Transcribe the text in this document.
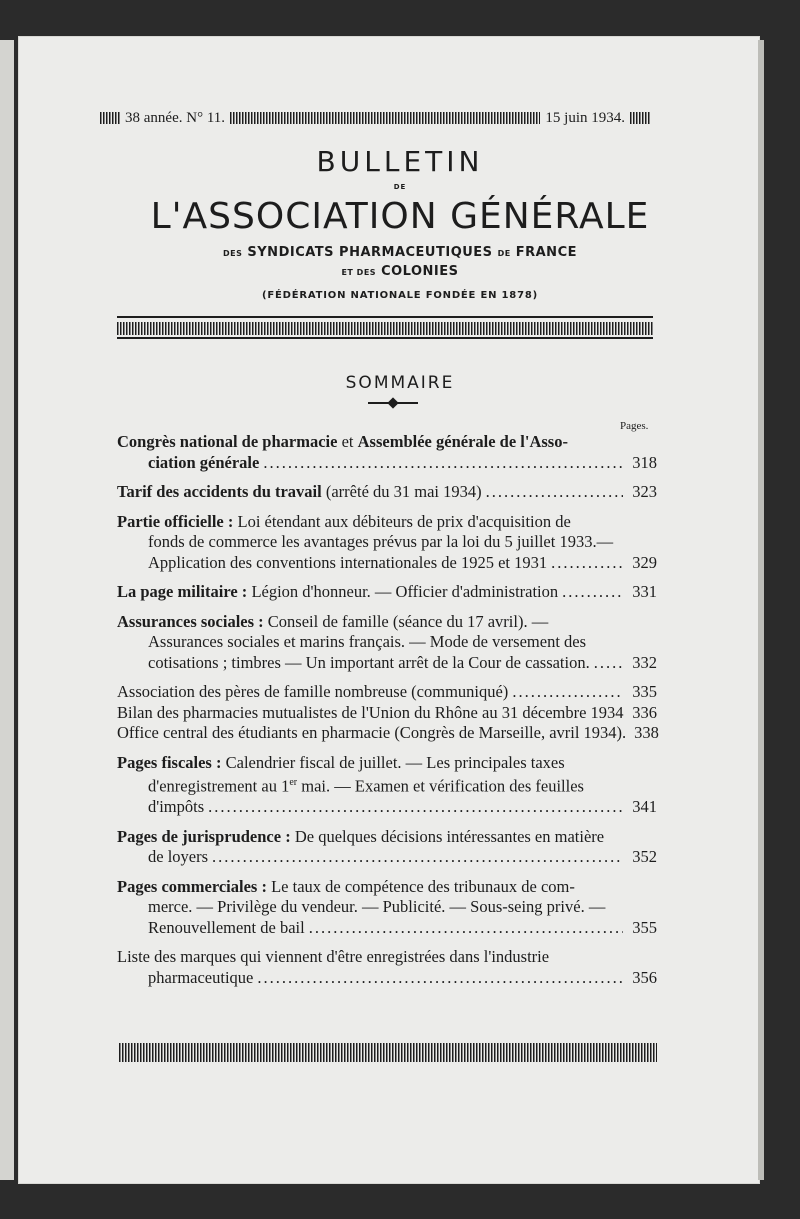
38 année. N° 11.	15 juin 1934.
BULLETIN
DE
L'ASSOCIATION GÉNÉRALE
DES SYNDICATS PHARMACEUTIQUES DE FRANCE
ET DES COLONIES
(FÉDÉRATION NATIONALE FONDÉE EN 1878)
SOMMAIRE
Pages.
Congrès national de pharmacie et Assemblée générale de l'Asso-
ciation générale .....	318
Tarif des accidents du travail (arrêté du 31 mai 1934) .....	323
Partie officielle : Loi étendant aux débiteurs de prix d'acquisition de
fonds de commerce les avantages prévus par la loi du 5 juillet 1933.—
Application des conventions internationales de 1925 et 1931 .....	329
La page militaire : Légion d'honneur. — Officier d'administration .....	331
Assurances sociales : Conseil de famille (séance du 17 avril). —
Assurances sociales et marins français. — Mode de versement des
cotisations ; timbres — Un important arrêt de la Cour de cassation. .....	332
Association des pères de famille nombreuse (communiqué) .....	335
Bilan des pharmacies mutualistes de l'Union du Rhône au 31 décembre 1934 336
Office central des étudiants en pharmacie (Congrès de Marseille, avril 1934). 338
Pages fiscales : Calendrier fiscal de juillet. — Les principales taxes
d'enregistrement au 1er mai. — Examen et vérification des feuilles
d'impôts .....	341
Pages de jurisprudence : De quelques décisions intéressantes en matière
de loyers .....	352
Pages commerciales : Le taux de compétence des tribunaux de com-
merce. — Privilège du vendeur. — Publicité. — Sous-seing privé. —
Renouvellement de bail .....	355
Liste des marques qui viennent d'être enregistrées dans l'industrie
pharmaceutique .....	356
